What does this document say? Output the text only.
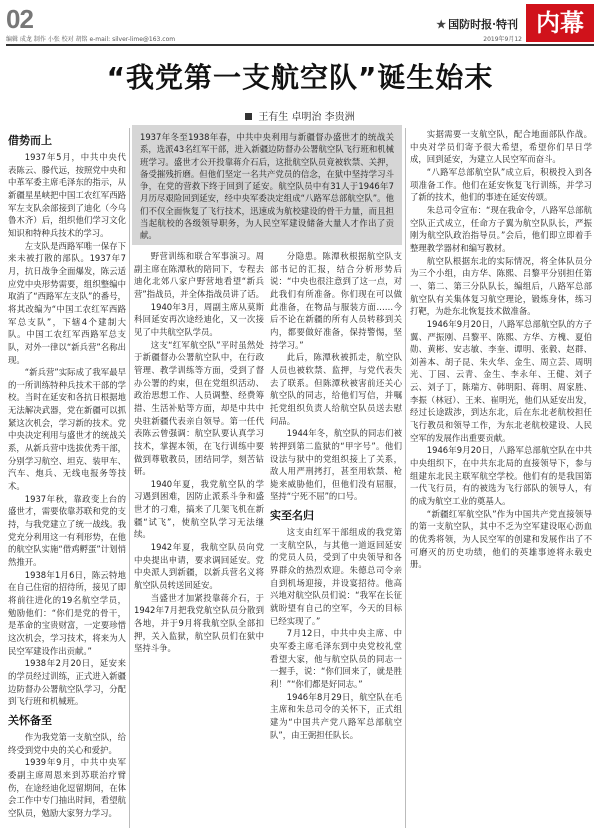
02
编辑 成龙 制作 小张 校对 胡铭 e-mail: silver-lime@163.com
★ 国防时报·特刊
2019年9月12
内幕
“我党第一支航空队”诞生始末
王有生 卓明治 李贵洲
1937年冬至1938年春，中共中央利用与新疆督办盛世才的统战关系，选派43名红军干部，进入新疆边防督办公署航空队飞行班和机械班学习。盛世才公开投靠蒋介石后，这批航空队员竟被软禁、关押，备受摧残折磨。但他们坚定一名共产党员的信念，在狱中坚持学习斗争，在党的营救下终于回到了延安。航空队员中有31人于1946年7月历尽艰险回到延安，经中央军委决定组成“八路军总部航空队”。他们不仅全面恢复了飞行技术，迅速成为航校建设的骨干力量，而且担当起航校的各级领导职务，为人民空军建设储备大量人才作出了贡献。
借势而上

1937年5月，中共中央代表陈云、滕代远，按照党中央和中革军委主席毛泽东的指示，从新疆星星峡把中国工农红军西路军左支队余部接到了迪化（今乌鲁木齐）后，组织他们学习文化知识和特种兵技术的学习。

左支队是西路军唯一保存下来未被打散的部队。1937年7月，抗日战争全面爆发，陈云适应党中央形势需要，组织整编中取消了“西路军左支队”的番号，将其改编为“中国工农红军西路军总支队”，下辖4个建制大队。中国工农红军西路军总支队，对外一律以“新兵营”名称出现。

“新兵营”实际成了我军最早的一所训练特种兵技术干部的学校。当时在延安和各抗日根据地无法解决武器，党在新疆可以抓紧这次机会，学习新的技术。党中央决定利用与盛世才的统战关系，从新兵营中选拔优秀干部，分别学习航空、坦克、装甲车、汽车、炮兵、无线电报务等技术。

1937年秋，靠政变上台的盛世才，需要依靠苏联和党的支持，与我党建立了统一战线。我党充分利用这一有利形势，在他的航空队实施“借鸡孵蛋”计划悄然推开。

1938年1月6日，陈云特地在自己住宿的招待所，接见了即将前往进化的19名航空学员，勉励他们：“你们是党的骨干，是革命的宝贵财富，一定要珍惜这次机会，学习技术，将来为人民空军建设作出贡献。”

1938年2月20日，延安来的学员经过训练，正式进入新疆边防督办公署航空队学习，分配到飞行班和机械班。

关怀备至

作为我党第一支航空队，给终受到党中央的关心和爱护。

1939年9月，中共中央军委副主席周恩来到苏联治疗臂伤，在途经迪化逗留期间，在体会工作中专门抽出时间，看望航空队员，勉励大家努力学习。

野营训练和联合军事演习。周副主席在陈潭秋的陪同下，专程去迪化北郊八家户野营地看望“新兵营”指战员，并全体指战员讲了话。

1940年3月，周副主席从莫斯科回延安再次途经迪化，又一次接见了中共航空队学员。

这支“红军航空队”平时虽然处于新疆督办公署航空队中，在行政管理、教学训练等方面，受到了督办公署的约束，但在党组织活动、政治思想工作、人员调整、经费筹措、生活补贴等方面，却是中共中央驻新疆代表亲自领导。第一任代表陈云曾强调：航空队要认真学习技术，掌握本领，在飞行训练中要做到尊敬教员，团结同学，刻苦钻研。

1940年夏，我党航空队的学习遇到困难，因防止派系斗争和盛世才的刁难，搞来了几架飞机在新疆“试飞”，使航空队学习无法继续。

1942年夏，我航空队员向党中央提出申请，要求调回延安。党中央派人到新疆，以新兵营名义将航空队员转送回延安。

当盛世才加紧投靠蒋介石，于1942年7月把我党航空队员分散到各地，并于9月将我航空队全部扣押，关入监狱，航空队员们在狱中坚持斗争。

分隐患。陈潭秋根据航空队支部书记的汇报，结合分析形势后说：“中央也很注意到了这一点，对此我们有所准备。你们现在可以做此准备，在物品与服装方面……今后不论在新疆的所有人员转移到关内，都要做好准备，保持警惕，坚持学习。”

此后，陈潭秋被抓走，航空队人员也被软禁、监押，与党代表失去了联系。但陈潭秋被害前还关心航空队的同志，给他们写信，并嘱托党组织负责人给航空队员送去慰问品。

1944年冬，航空队的同志们被转押到第二监狱的“甲字号”。他们设法与狱中的党组织接上了关系，敌人用严刑拷打，甚至用软禁、枪毙来威胁他们，但他们没有屈服，坚持“宁死不屈”的口号。

实至名归

这支由红军干部组成的我党第一支航空队，与其他一道返回延安的党员人员，受到了中央领导和各界群众的热烈欢迎。朱德总司令亲自到机场迎接，并设宴招待。他高兴地对航空队员们说：“我军在长征就盼望有自己的空军，今天的目标已经实现了。”

7月12日，中共中央主席、中央军委主席毛泽东到中央党校礼堂看望大家，他与航空队员的同志一一握手，说：“你们回来了，就是胜利！”“你们都是好同志。”

1946年8月29日，航空队在毛主席和朱总司令的关怀下，正式组建为“中国共产党八路军总部航空队”，由王弼担任队长。

实据需要一支航空队，配合地面部队作战。中央对学员们寄予很大希望，希望你们早日学成，回到延安，为建立人民空军而奋斗。

“八路军总部航空队”成立后，积极投入到各项准备工作。他们在延安恢复飞行训练，并学习了新的技术，他们的事迹在延安传颂。

朱总司令宣布：“现在我命令，八路军总部航空队正式成立，任命方子翼为航空队队长，严振刚为航空队政治指导员。”会后，他们即立即着手整理教学器材和编写教材。

航空队根据东北的实际情况，将全体队员分为三个小组，由方华、陈熙、吕黎平分别担任第一、第二、第三分队队长，编组后，八路军总部航空队有关集体复习航空理论，锻炼身体，练习打靶，为赴东北恢复技术做准备。

1946年9月20日，八路军总部航空队的方子翼、严振刚、吕黎平、陈熙、方华、方槐、夏伯勋、黄彬、安志敏、李奎、谭明、张毅、赵群、刘善本、胡子昆、朱火华、金生、周立芸、周明光、丁园、云青、金生、李永年、王健、刘子云、刘子丁，陈瑞方、韩明阳、蒋明、周家胜、李振（林冠）、王来、崔明光，他们从延安出发，经过长途跋涉，到达东北，后在东北老航校担任飞行教员和领导工作，为东北老航校建设、人民空军的发展作出重要贡献。

1946年9月20日，八路军总部航空队在中共中央组织下，在中共东北局的直接领导下，参与组建东北民主联军航空学校。他们有的是我国第一代飞行员，有的被选为飞行部队的领导人，有的成为航空工业的奠基人。

“新疆红军航空队”作为中国共产党直接领导的第一支航空队，其中不乏为空军建设呕心沥血的优秀将领，为人民空军的创建和发展作出了不可磨灭的历史功绩，他们的英雄事迹将永载史册。
